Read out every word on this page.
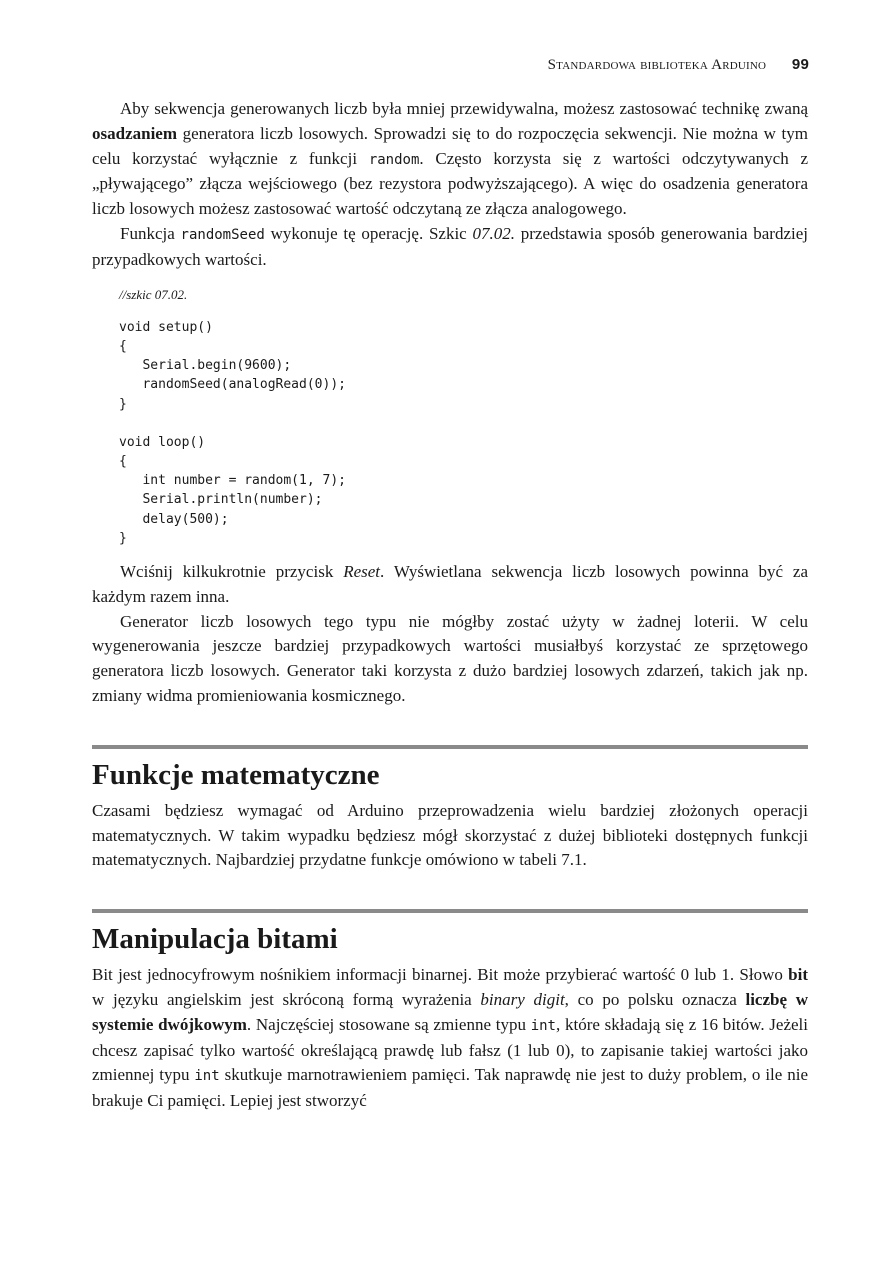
Standardowa biblioteka Arduino 99

Aby sekwencja generowanych liczb była mniej przewidywalna, możesz zastosować technikę zwaną osadzaniem generatora liczb losowych. Sprowadzi się to do rozpoczęcia sekwencji. Nie można w tym celu korzystać wyłącznie z funkcji random. Często korzysta się z wartości odczytywanych z „pływającego” złącza wejściowego (bez rezystora podwyższającego). A więc do osadzenia generatora liczb losowych możesz zastosować wartość odczytaną ze złącza analogowego.

Funkcja randomSeed wykonuje tę operację. Szkic 07.02. przedstawia sposób generowania bardziej przypadkowych wartości.

//szkic 07.02.
void setup()
{
Serial.begin(9600);
randomSeed(analogRead(0));
}
void loop()
{
int number = random(1, 7);
Serial.println(number);
delay(500);
}

Wciśnij kilkukrotnie przycisk Reset. Wyświetlana sekwencja liczb losowych powinna być za każdym razem inna.

Generator liczb losowych tego typu nie mógłby zostać użyty w żadnej loterii. W celu wygenerowania jeszcze bardziej przypadkowych wartości musiałbyś korzystać ze sprzętowego generatora liczb losowych. Generator taki korzysta z dużo bardziej losowych zdarzeń, takich jak np. zmiany widma promieniowania kosmicznego.

Funkcje matematyczne

Czasami będziesz wymagać od Arduino przeprowadzenia wielu bardziej złożonych operacji matematycznych. W takim wypadku będziesz mógł skorzystać z dużej biblioteki dostępnych funkcji matematycznych. Najbardziej przydatne funkcje omówiono w tabeli 7.1.

Manipulacja bitami

Bit jest jednocyfrowym nośnikiem informacji binarnej. Bit może przybierać wartość 0 lub 1. Słowo bit w języku angielskim jest skróconą formą wyrażenia binary digit, co po polsku oznacza liczbę w systemie dwójkowym. Najczęściej stosowane są zmienne typu int, które składają się z 16 bitów. Jeżeli chcesz zapisać tylko wartość określającą prawdę lub fałsz (1 lub 0), to zapisanie takiej wartości jako zmiennej typu int skutkuje marnotrawieniem pamięci. Tak naprawdę nie jest to duży problem, o ile nie brakuje Ci pamięci. Lepiej jest stworzyć
